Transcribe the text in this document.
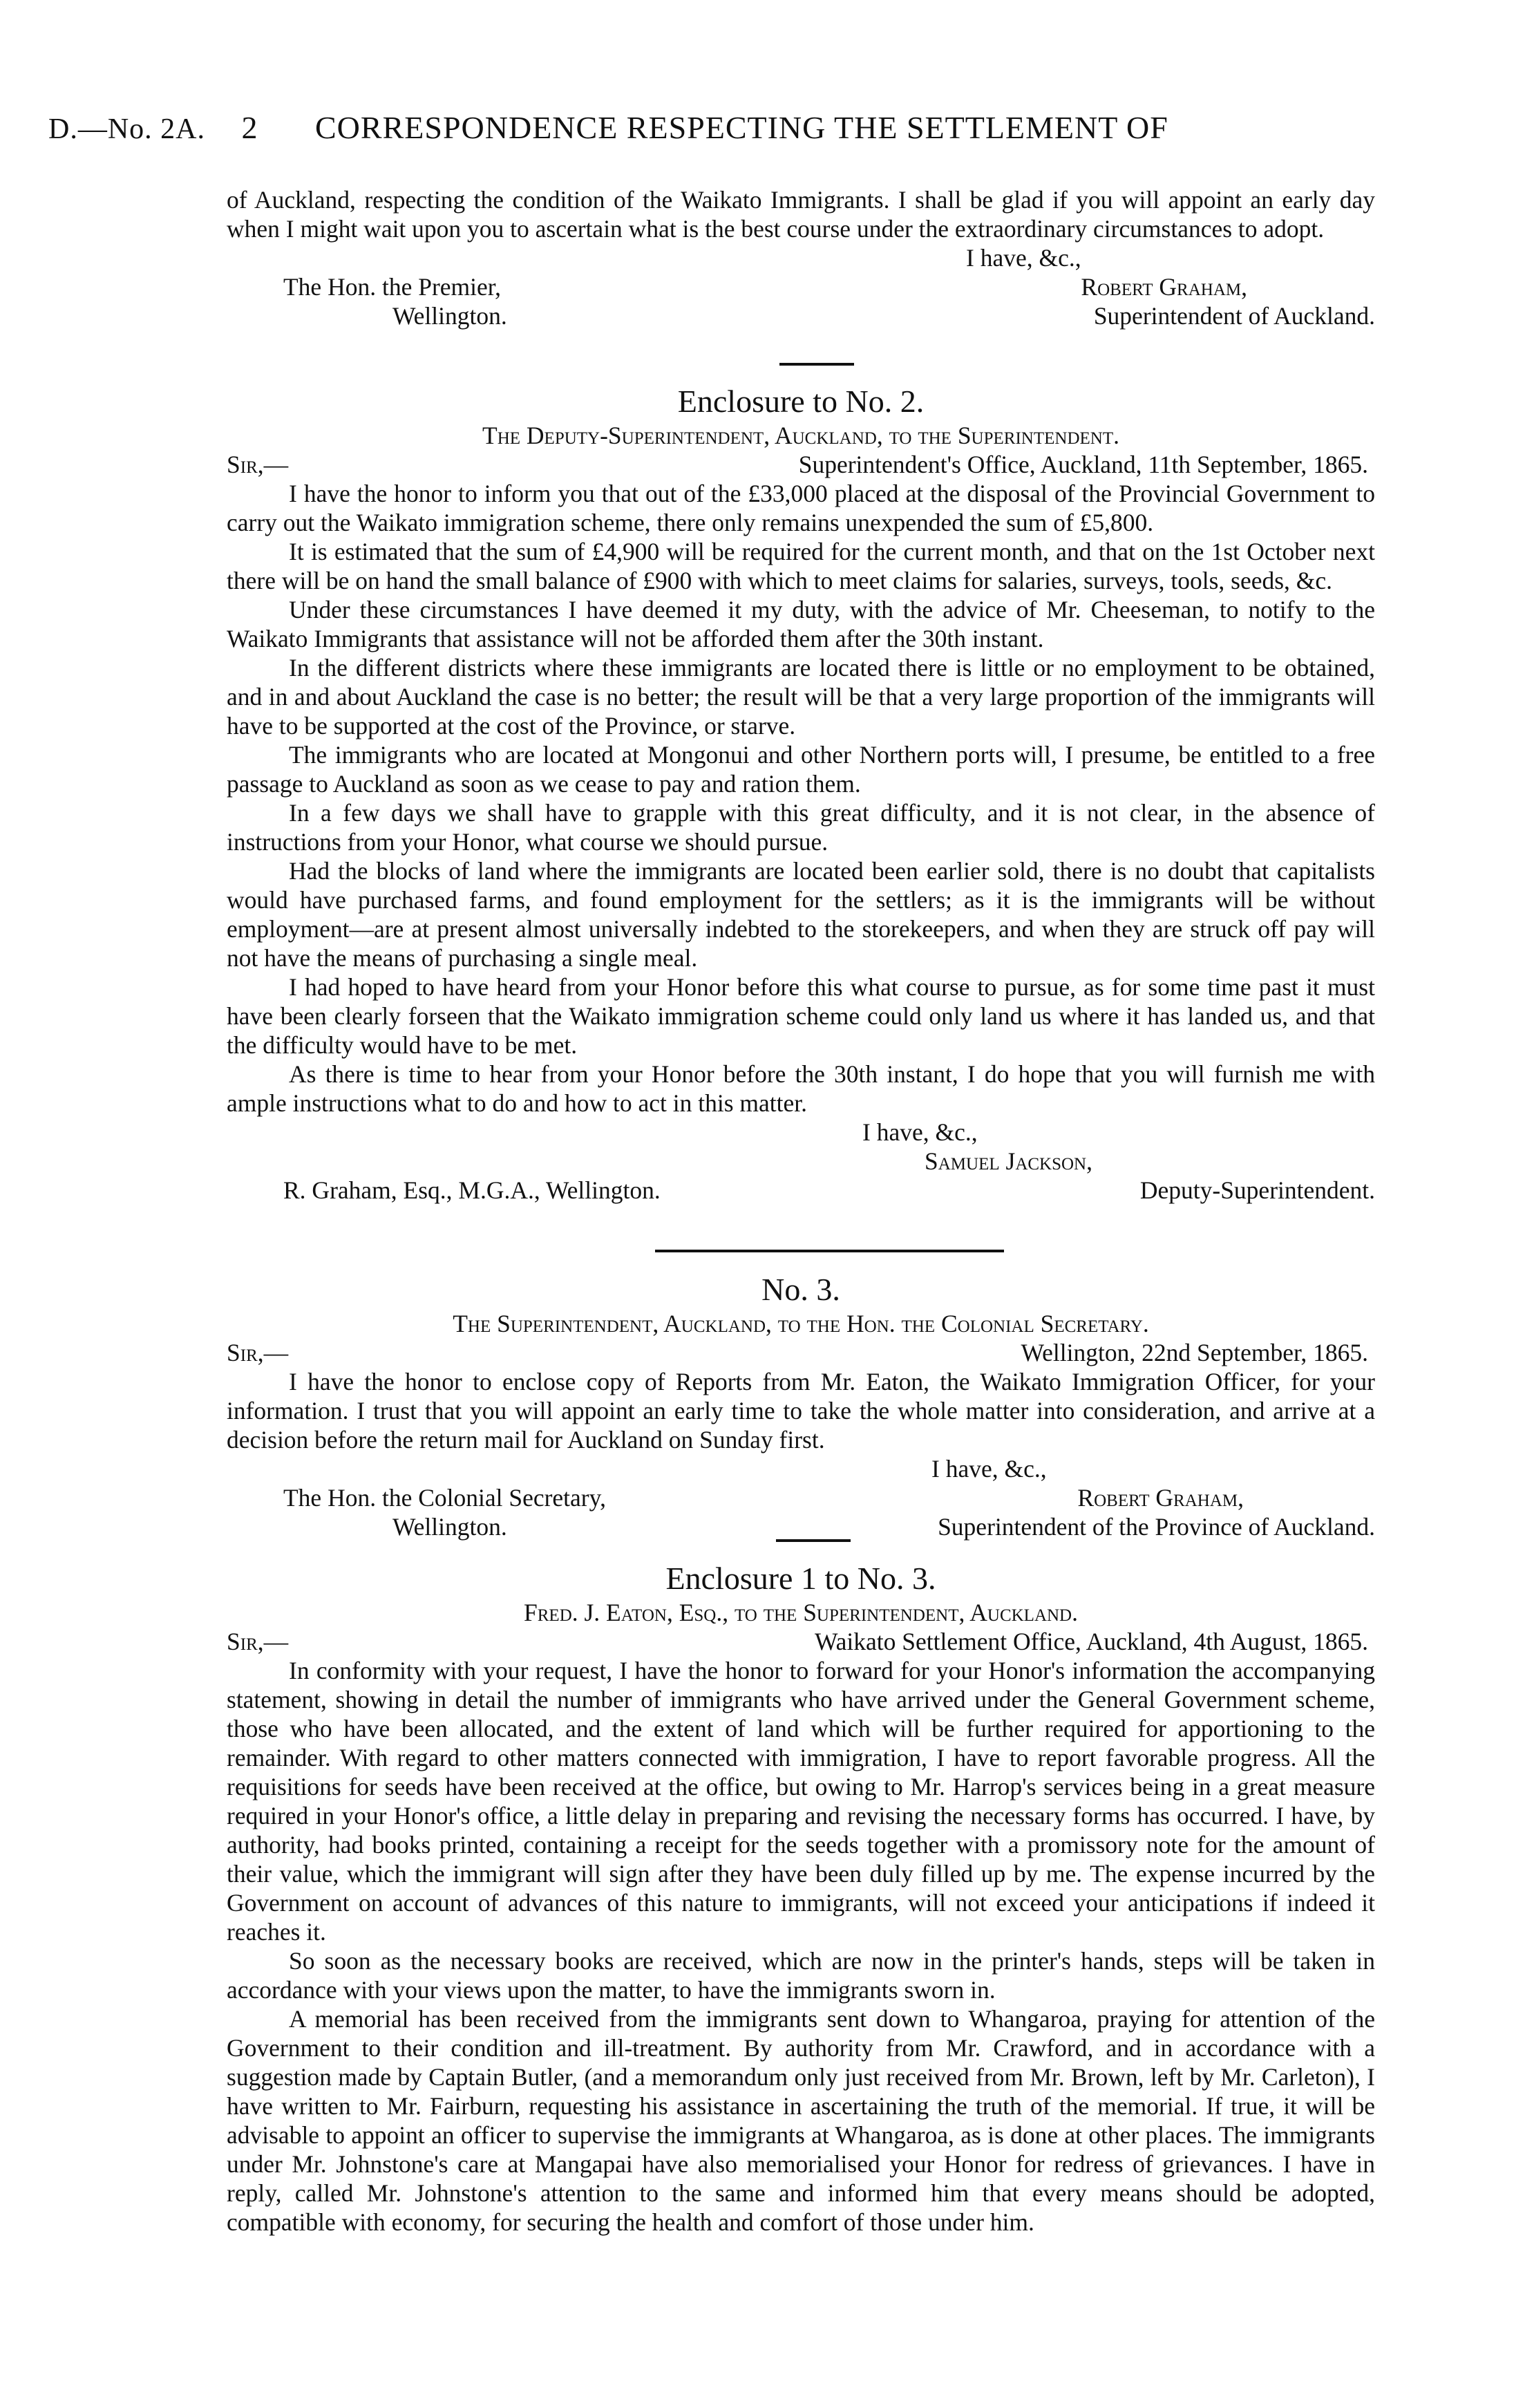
D.—No. 2A. 2 CORRESPONDENCE RESPECTING THE SETTLEMENT OF

of Auckland, respecting the condition of the Waikato Immigrants. I shall be glad if you will appoint an early day when I might wait upon you to ascertain what is the best course under the extraordinary circumstances to adopt.

I have, &c.,
The Hon. the Premier,	Robert Graham,
Wellington.	Superintendent of Auckland.
Enclosure to No. 2.
The Deputy-Superintendent, Auckland, to the Superintendent.
Sir,—	Superintendent's Office, Auckland, 11th September, 1865.

I have the honor to inform you that out of the £33,000 placed at the disposal of the Provincial Government to carry out the Waikato immigration scheme, there only remains unexpended the sum of £5,800.

It is estimated that the sum of £4,900 will be required for the current month, and that on the 1st October next there will be on hand the small balance of £900 with which to meet claims for salaries, surveys, tools, seeds, &c.

Under these circumstances I have deemed it my duty, with the advice of Mr. Cheeseman, to notify to the Waikato Immigrants that assistance will not be afforded them after the 30th instant.

In the different districts where these immigrants are located there is little or no employment to be obtained, and in and about Auckland the case is no better; the result will be that a very large proportion of the immigrants will have to be supported at the cost of the Province, or starve.

The immigrants who are located at Mongonui and other Northern ports will, I presume, be entitled to a free passage to Auckland as soon as we cease to pay and ration them.

In a few days we shall have to grapple with this great difficulty, and it is not clear, in the absence of instructions from your Honor, what course we should pursue.

Had the blocks of land where the immigrants are located been earlier sold, there is no doubt that capitalists would have purchased farms, and found employment for the settlers; as it is the immigrants will be without employment—are at present almost universally indebted to the storekeepers, and when they are struck off pay will not have the means of purchasing a single meal.

I had hoped to have heard from your Honor before this what course to pursue, as for some time past it must have been clearly forseen that the Waikato immigration scheme could only land us where it has landed us, and that the difficulty would have to be met.

As there is time to hear from your Honor before the 30th instant, I do hope that you will furnish me with ample instructions what to do and how to act in this matter.

I have, &c.,
Samuel Jackson,
R. Graham, Esq., M.G.A., Wellington.	Deputy-Superintendent.
No. 3.
The Superintendent, Auckland, to the Hon. the Colonial Secretary.
Sir,—	Wellington, 22nd September, 1865.

I have the honor to enclose copy of Reports from Mr. Eaton, the Waikato Immigration Officer, for your information. I trust that you will appoint an early time to take the whole matter into consideration, and arrive at a decision before the return mail for Auckland on Sunday first.

I have, &c.,
The Hon. the Colonial Secretary,	Robert Graham,
Wellington.	Superintendent of the Province of Auckland.
Enclosure 1 to No. 3.
Fred. J. Eaton, Esq., to the Superintendent, Auckland.
Sir,—	Waikato Settlement Office, Auckland, 4th August, 1865.

In conformity with your request, I have the honor to forward for your Honor's information the accompanying statement, showing in detail the number of immigrants who have arrived under the General Government scheme, those who have been allocated, and the extent of land which will be further required for apportioning to the remainder. With regard to other matters connected with immigration, I have to report favorable progress. All the requisitions for seeds have been received at the office, but owing to Mr. Harrop's services being in a great measure required in your Honor's office, a little delay in preparing and revising the necessary forms has occurred. I have, by authority, had books printed, containing a receipt for the seeds together with a promissory note for the amount of their value, which the immigrant will sign after they have been duly filled up by me. The expense incurred by the Government on account of advances of this nature to immigrants, will not exceed your anticipations if indeed it reaches it.

So soon as the necessary books are received, which are now in the printer's hands, steps will be taken in accordance with your views upon the matter, to have the immigrants sworn in.

A memorial has been received from the immigrants sent down to Whangaroa, praying for attention of the Government to their condition and ill-treatment. By authority from Mr. Crawford, and in accordance with a suggestion made by Captain Butler, (and a memorandum only just received from Mr. Brown, left by Mr. Carleton), I have written to Mr. Fairburn, requesting his assistance in ascertaining the truth of the memorial. If true, it will be advisable to appoint an officer to supervise the immigrants at Whangaroa, as is done at other places. The immigrants under Mr. Johnstone's care at Mangapai have also memorialised your Honor for redress of grievances. I have in reply, called Mr. Johnstone's attention to the same and informed him that every means should be adopted, compatible with economy, for securing the health and comfort of those under him.
